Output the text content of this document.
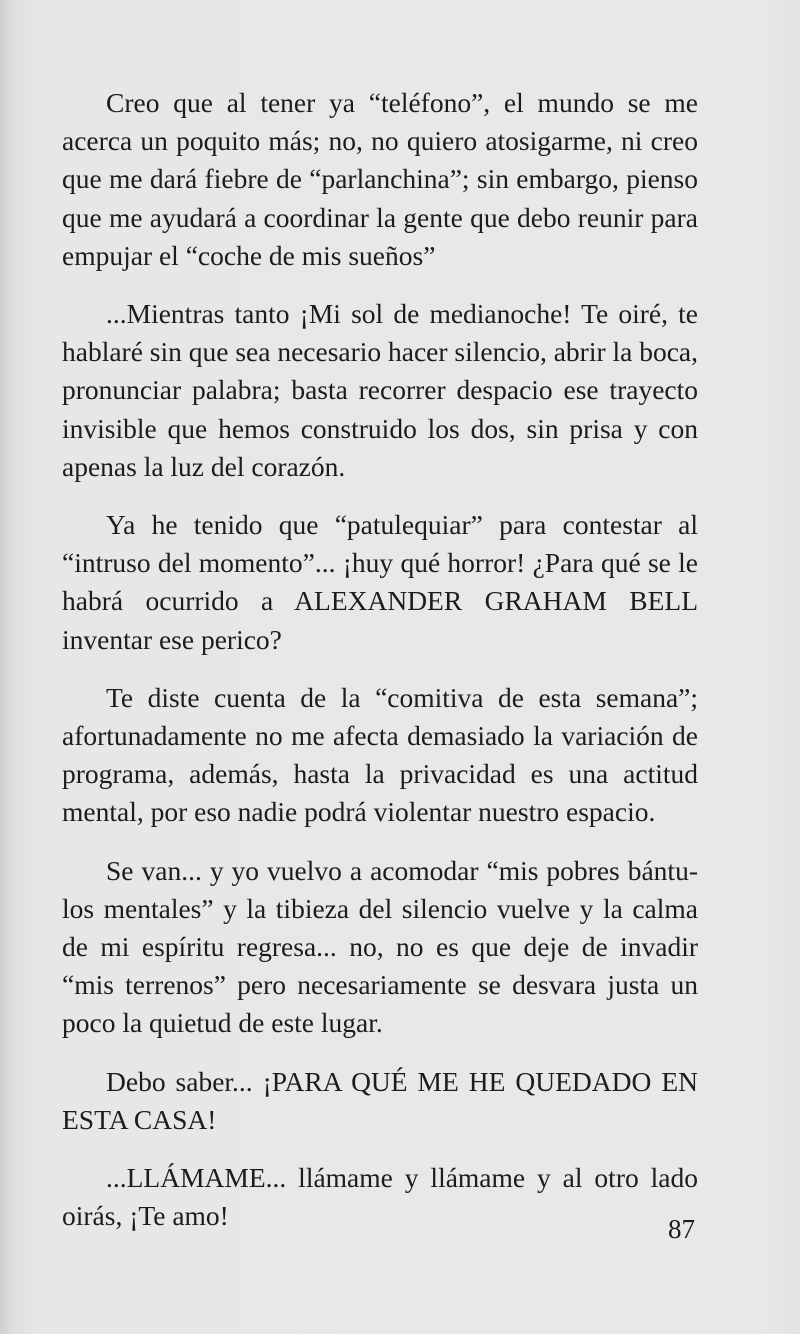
Creo que al tener ya “teléfono”, el mundo se me acerca un poquito más; no, no quiero atosigarme, ni creo que me dará fiebre de “parlanchina”; sin embargo, pienso que me ayudará a coordinar la gente que debo reunir para empujar el “coche de mis sueños”

...Mientras tanto ¡Mi sol de medianoche! Te oiré, te hablaré sin que sea necesario hacer silencio, abrir la boca, pronunciar palabra; basta recorrer despacio ese trayecto invisible que hemos construido los dos, sin prisa y con apenas la luz del corazón.

Ya he tenido que “patulequiar” para contestar al “intruso del momento”... ¡huy qué horror! ¿Para qué se le habrá ocurrido a ALEXANDER GRAHAM BELL inventar ese perico?

Te diste cuenta de la “comitiva de esta semana”; afortunadamente no me afecta demasiado la variación de programa, además, hasta la privacidad es una actitud mental, por eso nadie podrá violentar nuestro espacio.

Se van... y yo vuelvo a acomodar “mis pobres bántulos mentales” y la tibieza del silencio vuelve y la calma de mi espíritu regresa... no, no es que deje de invadir “mis terrenos” pero necesariamente se desvara justa un poco la quietud de este lugar.

Debo saber... ¡PARA QUÉ ME HE QUEDADO EN ESTA CASA!

...LLÁMAME... llámame y llámame y al otro lado oirás, ¡Te amo!	87
